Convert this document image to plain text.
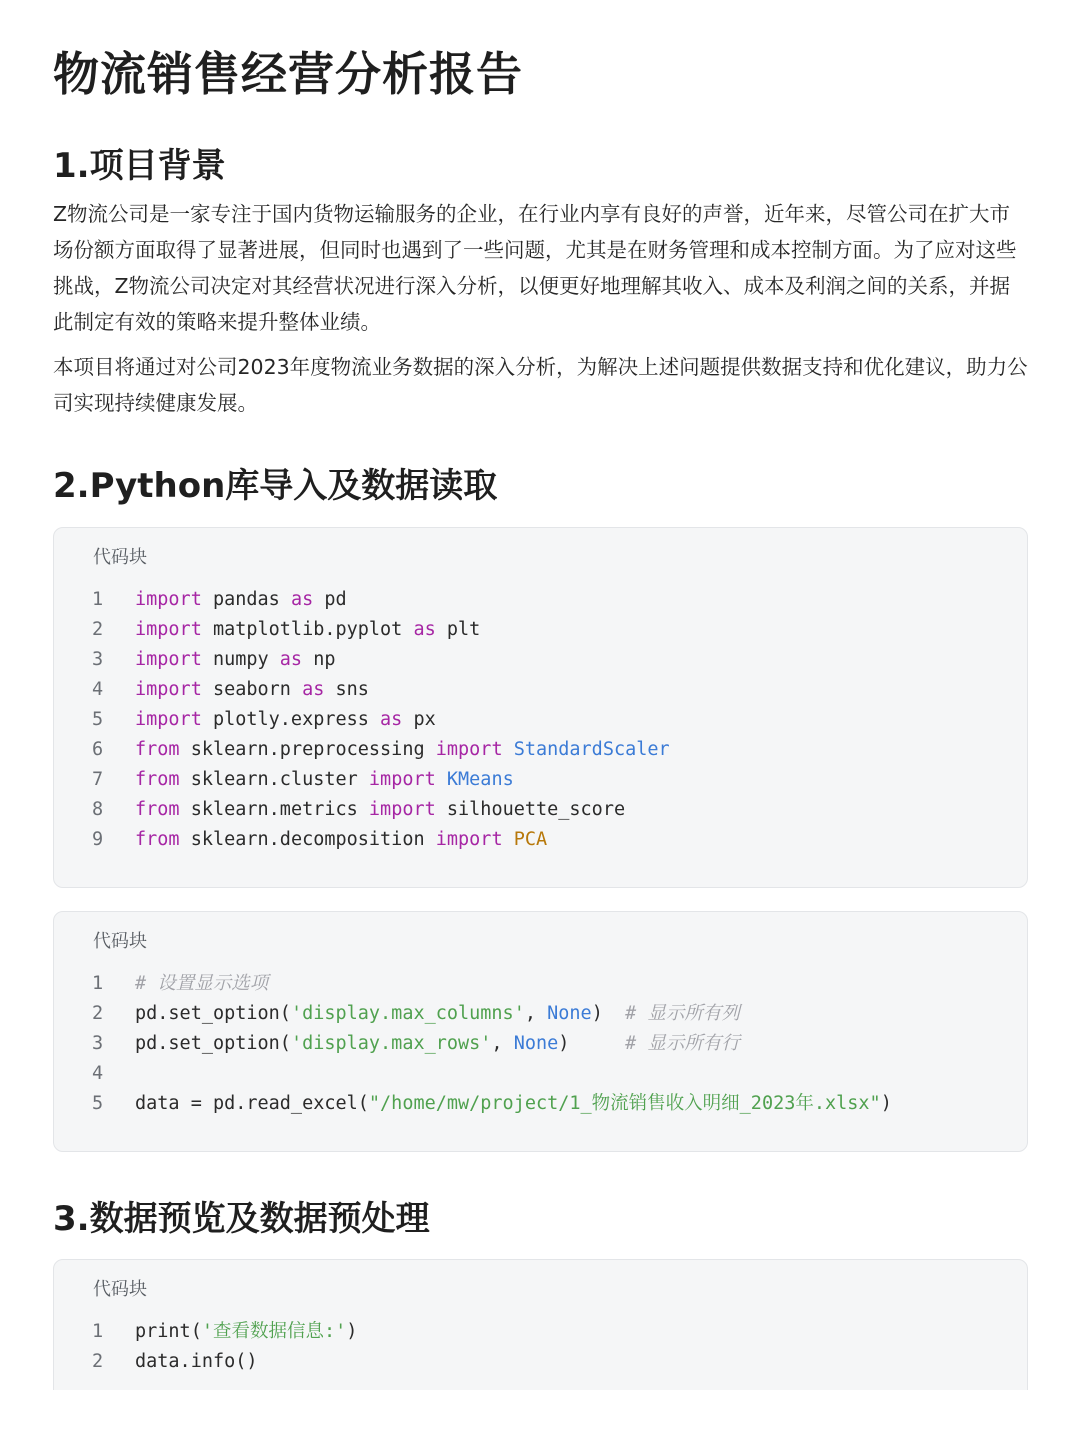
物流销售经营分析报告
1.项目背景

Z物流公司是一家专注于国内货物运输服务的企业，在行业内享有良好的声誉，近年来，尽管公司在扩大市场份额方面取得了显著进展，但同时也遇到了一些问题，尤其是在财务管理和成本控制方面。为了应对这些挑战，Z物流公司决定对其经营状况进行深入分析，以便更好地理解其收入、成本及利润之间的关系，并据此制定有效的策略来提升整体业绩。

本项目将通过对公司2023年度物流业务数据的深入分析，为解决上述问题提供数据支持和优化建议，助力公司实现持续健康发展。

2.Python库导入及数据读取
代码块
1	import pandas as pd
2	import matplotlib.pyplot as plt
3	import numpy as np
4	import seaborn as sns
5	import plotly.express as px
6	from sklearn.preprocessing import StandardScaler
7	from sklearn.cluster import KMeans
8	from sklearn.metrics import silhouette_score
9	from sklearn.decomposition import PCA
代码块
1	# 设置显示选项
2	pd.set_option('display.max_columns', None)  # 显示所有列
3	pd.set_option('display.max_rows', None)     # 显示所有行
4
5	data = pd.read_excel("/home/mw/project/1_物流销售收入明细_2023年.xlsx")
3.数据预览及数据预处理
代码块
1	print('查看数据信息:')
2	data.info()
